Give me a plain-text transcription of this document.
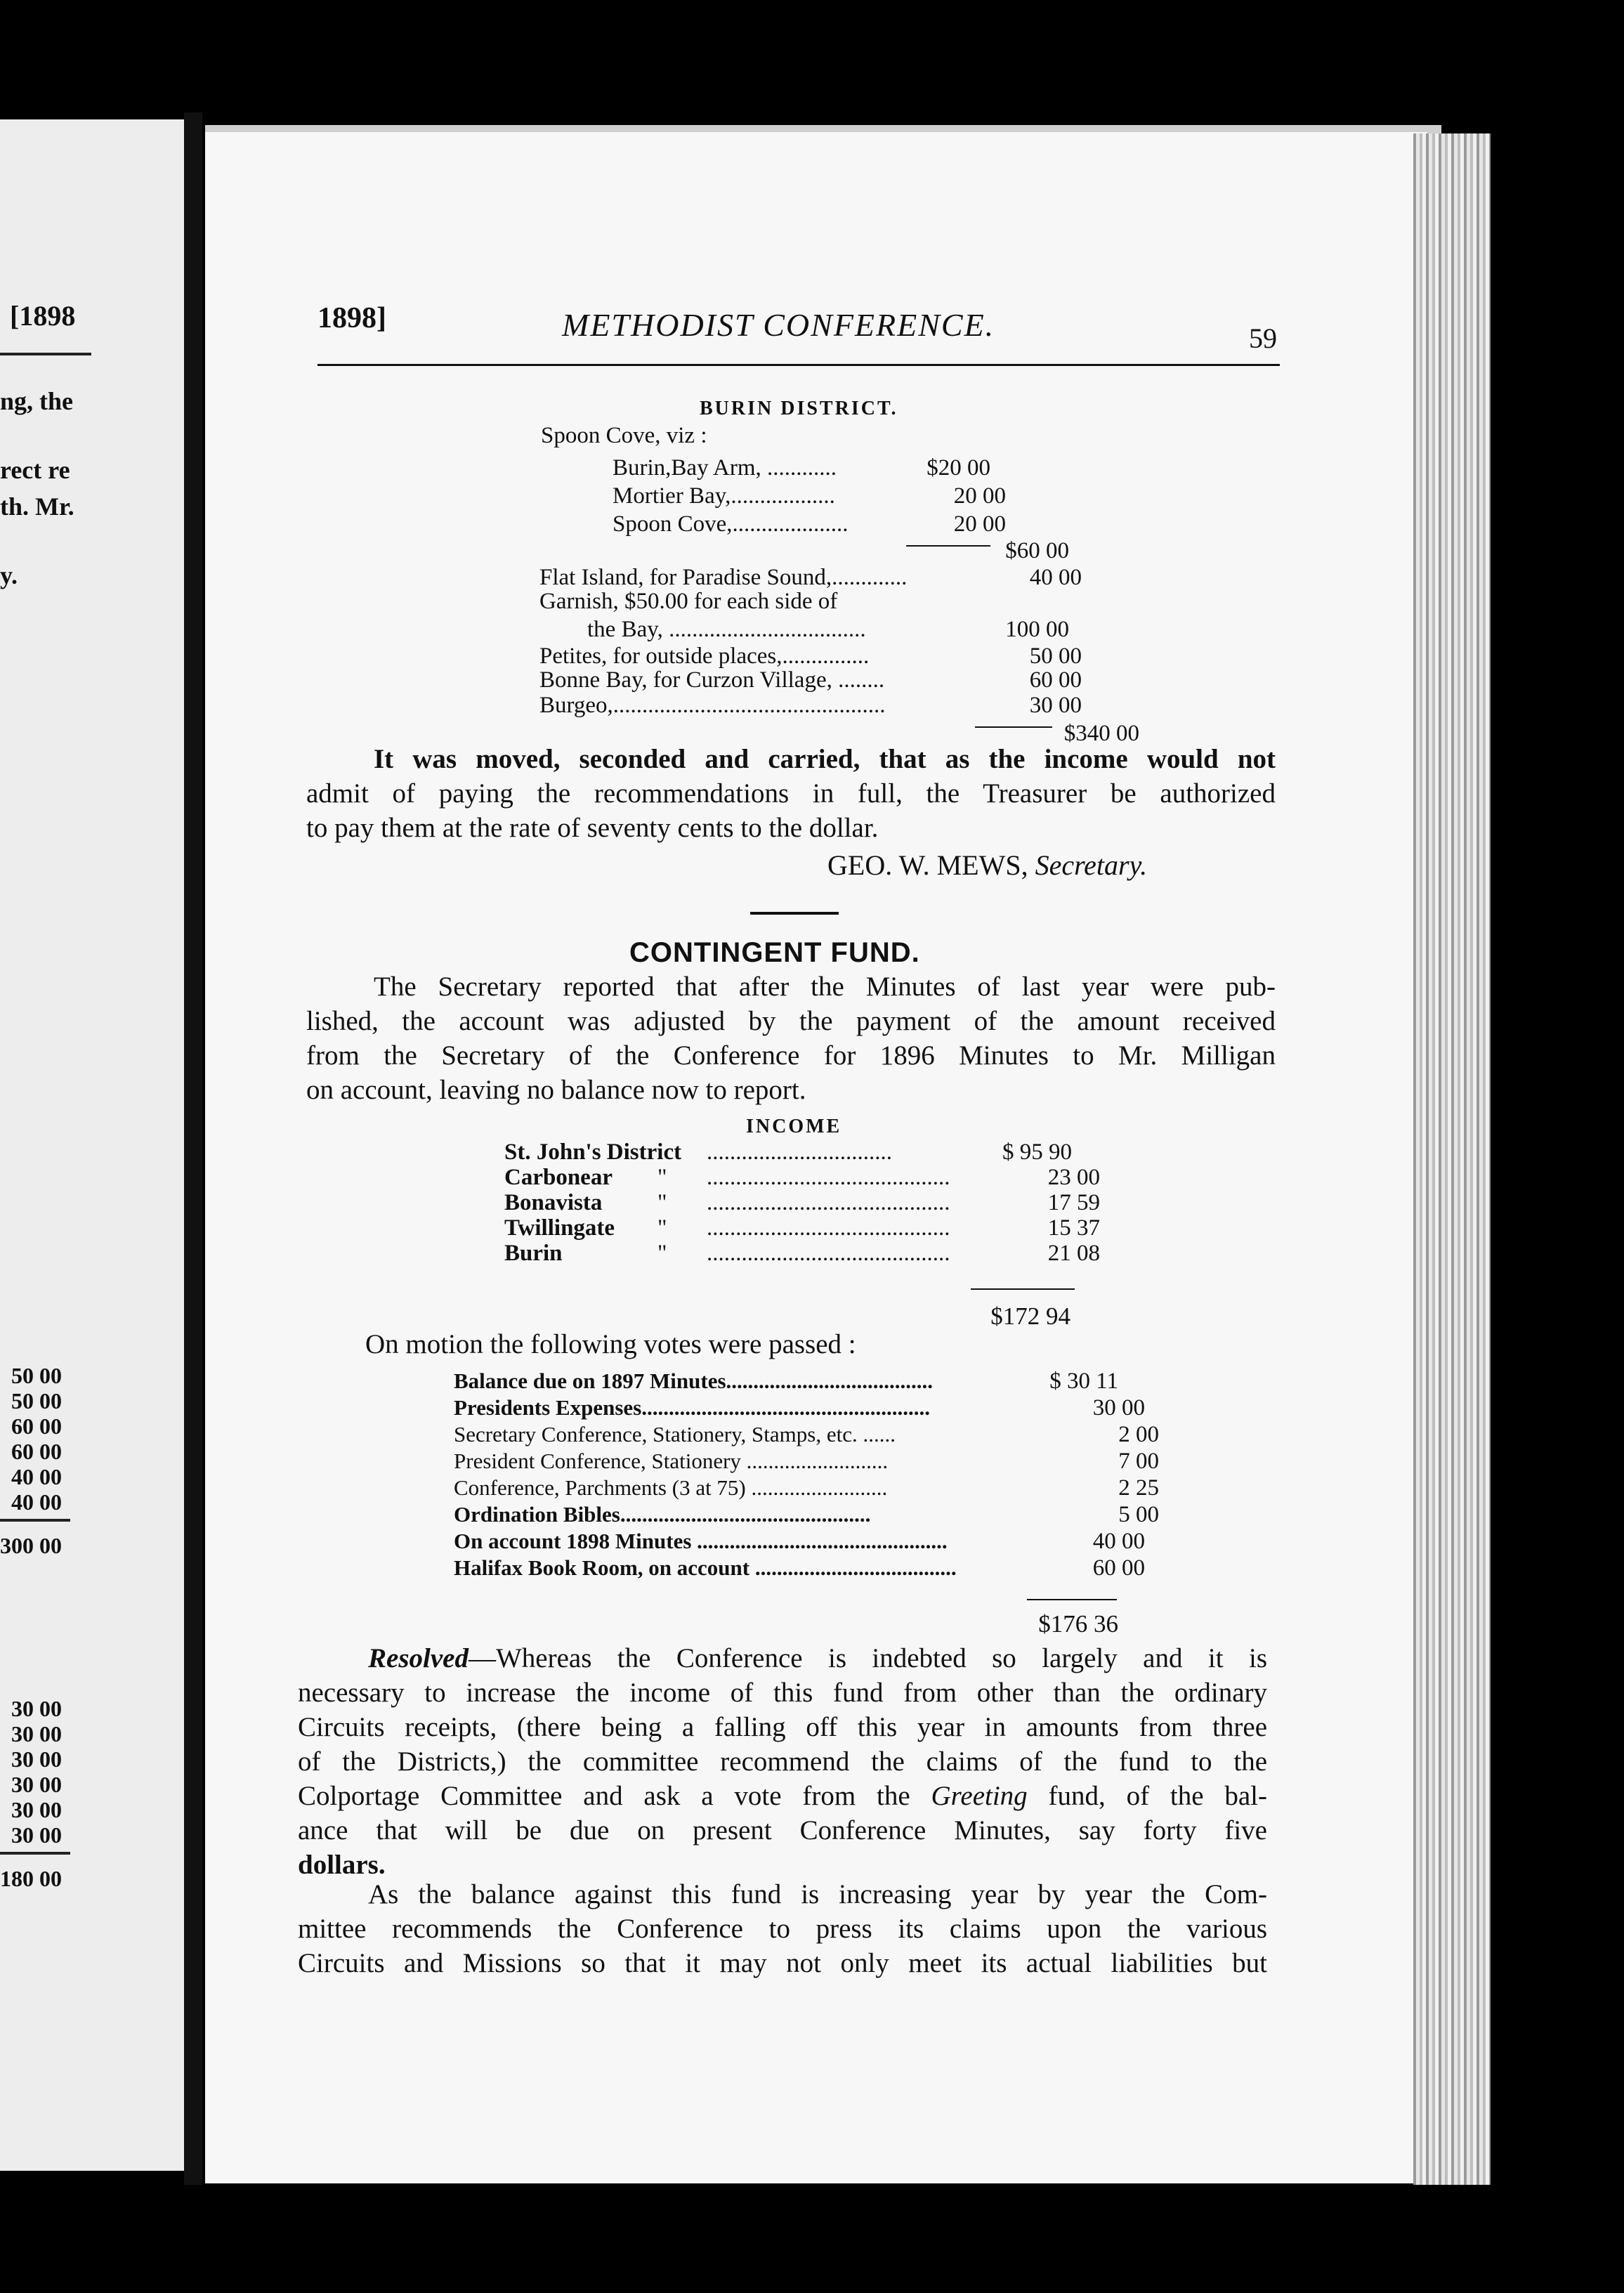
[1898
ng, the
rect re
th. Mr.
y.
50 00
50 00
60 00
60 00
40 00
40 00
300 00
30 00
30 00
30 00
30 00
30 00
30 00
180 00
1898]	METHODIST CONFERENCE.	59
BURIN DISTRICT.
Spoon Cove, viz :
Burin,Bay Arm, ............	$20 00
Mortier Bay,..................	20 00
Spoon Cove,....................	20 00
$60 00
Flat Island, for Paradise Sound,.............	40 00
Garnish, $50.00 for each side of
the Bay, ..................................	100 00
Petites, for outside places,...............	50 00
Bonne Bay, for Curzon Village, ........	60 00
Burgeo,...............................................	30 00
$340 00
It was moved, seconded and carried, that as the income would not
admit of paying the recommendations in full, the Treasurer be authorized
to pay them at the rate of seventy cents to the dollar.
GEO. W. MEWS, Secretary.
CONTINGENT FUND.
The Secretary reported that after the Minutes of last year were pub-
lished, the account was adjusted by the payment of the amount received
from the Secretary of the Conference for 1896 Minutes to Mr. Milligan
on account, leaving no balance now to report.
INCOME
St. John's District ................................	$ 95 90
Carbonear " ..........................................	23 00
Bonavista " ..........................................	17 59
Twillingate " ..........................................	15 37
Burin	" ..........................................	21 08
$172 94
On motion the following votes were passed :
Balance due on 1897 Minutes......................................	$ 30 11
Presidents Expenses.....................................................	30 00
Secretary Conference, Stationery, Stamps, etc. ......	2 00
President Conference, Stationery ..........................	7 00
Conference, Parchments (3 at 75) .........................	2 25
Ordination Bibles..............................................	5 00
On account 1898 Minutes ..............................................	40 00
Halifax Book Room, on account .....................................	60 00
$176 36
Resolved—Whereas the Conference is indebted so largely and it is
necessary to increase the income of this fund from other than the ordinary
Circuits receipts, (there being a falling off this year in amounts from three
of the Districts,) the committee recommend the claims of the fund to the
Colportage Committee and ask a vote from the Greeting fund, of the bal-
ance that will be due on present Conference Minutes, say forty five
dollars.
As the balance against this fund is increasing year by year the Com-
mittee recommends the Conference to press its claims upon the various
Circuits and Missions so that it may not only meet its actual liabilities but
